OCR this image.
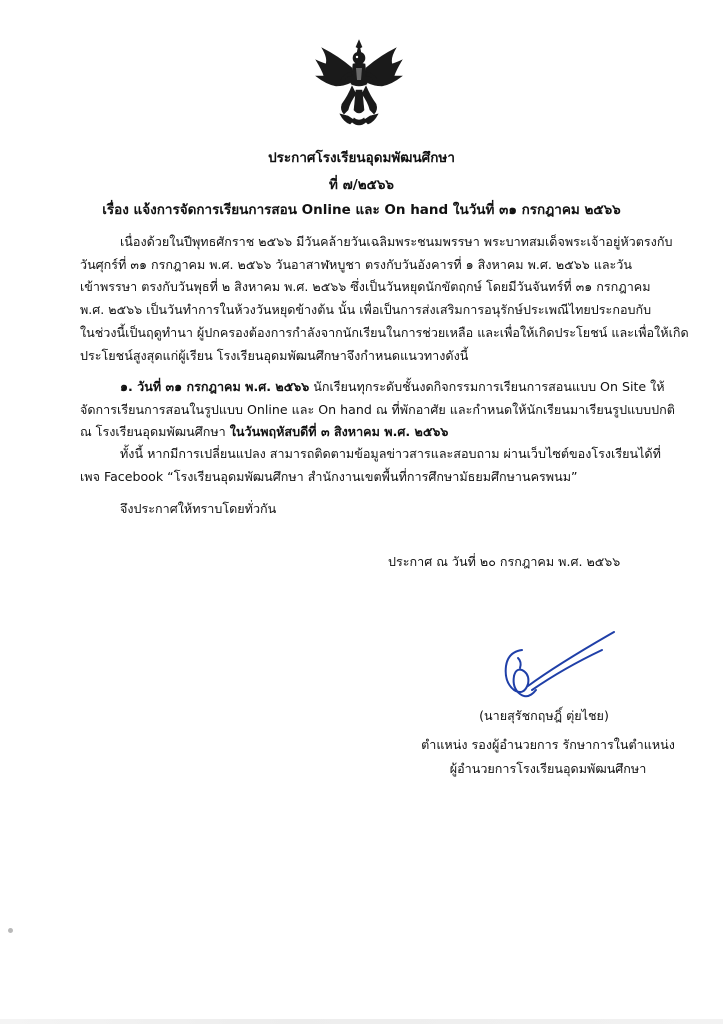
ประกาศโรงเรียนอุดมพัฒนศึกษา
ที่ ๗/๒๕๖๖
เรื่อง แจ้งการจัดการเรียนการสอน Online และ On hand ในวันที่ ๓๑ กรกฎาคม ๒๕๖๖
เนื่องด้วยในปีพุทธศักราช ๒๕๖๖ มีวันคล้ายวันเฉลิมพระชนมพรรษา พระบาทสมเด็จพระเจ้าอยู่หัวตรงกับ
วันศุกร์ที่ ๓๑ กรกฎาคม พ.ศ. ๒๕๖๖ วันอาสาฬหบูชา ตรงกับวันอังคารที่ ๑ สิงหาคม พ.ศ. ๒๕๖๖ และวัน
เข้าพรรษา ตรงกับวันพุธที่ ๒ สิงหาคม พ.ศ. ๒๕๖๖ ซึ่งเป็นวันหยุดนักขัตฤกษ์ โดยมีวันจันทร์ที่ ๓๑ กรกฎาคม
พ.ศ. ๒๕๖๖ เป็นวันทำการในห้วงวันหยุดข้างต้น นั้น เพื่อเป็นการส่งเสริมการอนุรักษ์ประเพณีไทยประกอบกับ
ในช่วงนี้เป็นฤดูทำนา ผู้ปกครองต้องการกำลังจากนักเรียนในการช่วยเหลือ และเพื่อให้เกิดประโยชน์ และเพื่อให้เกิด
ประโยชน์สูงสุดแก่ผู้เรียน โรงเรียนอุดมพัฒนศึกษาจึงกำหนดแนวทางดังนี้
๑. วันที่ ๓๑ กรกฎาคม พ.ศ. ๒๕๖๖ นักเรียนทุกระดับชั้นงดกิจกรรมการเรียนการสอนแบบ On Site ให้
จัดการเรียนการสอนในรูปแบบ Online และ On hand ณ ที่พักอาศัย และกำหนดให้นักเรียนมาเรียนรูปแบบปกติ
ณ โรงเรียนอุดมพัฒนศึกษา ในวันพฤหัสบดีที่ ๓ สิงหาคม พ.ศ. ๒๕๖๖
ทั้งนี้ หากมีการเปลี่ยนแปลง สามารถติดตามข้อมูลข่าวสารและสอบถาม ผ่านเว็บไซต์ของโรงเรียนได้ที่
เพจ Facebook “โรงเรียนอุดมพัฒนศึกษา สำนักงานเขตพื้นที่การศึกษามัธยมศึกษานครพนม”
จึงประกาศให้ทราบโดยทั่วกัน
ประกาศ ณ วันที่ ๒๐ กรกฎาคม พ.ศ. ๒๕๖๖
(นายสุรัชกฤษฎิ์ ตุ่ยไชย)
ตำแหน่ง รองผู้อำนวยการ รักษาการในตำแหน่ง
ผู้อำนวยการโรงเรียนอุดมพัฒนศึกษา
